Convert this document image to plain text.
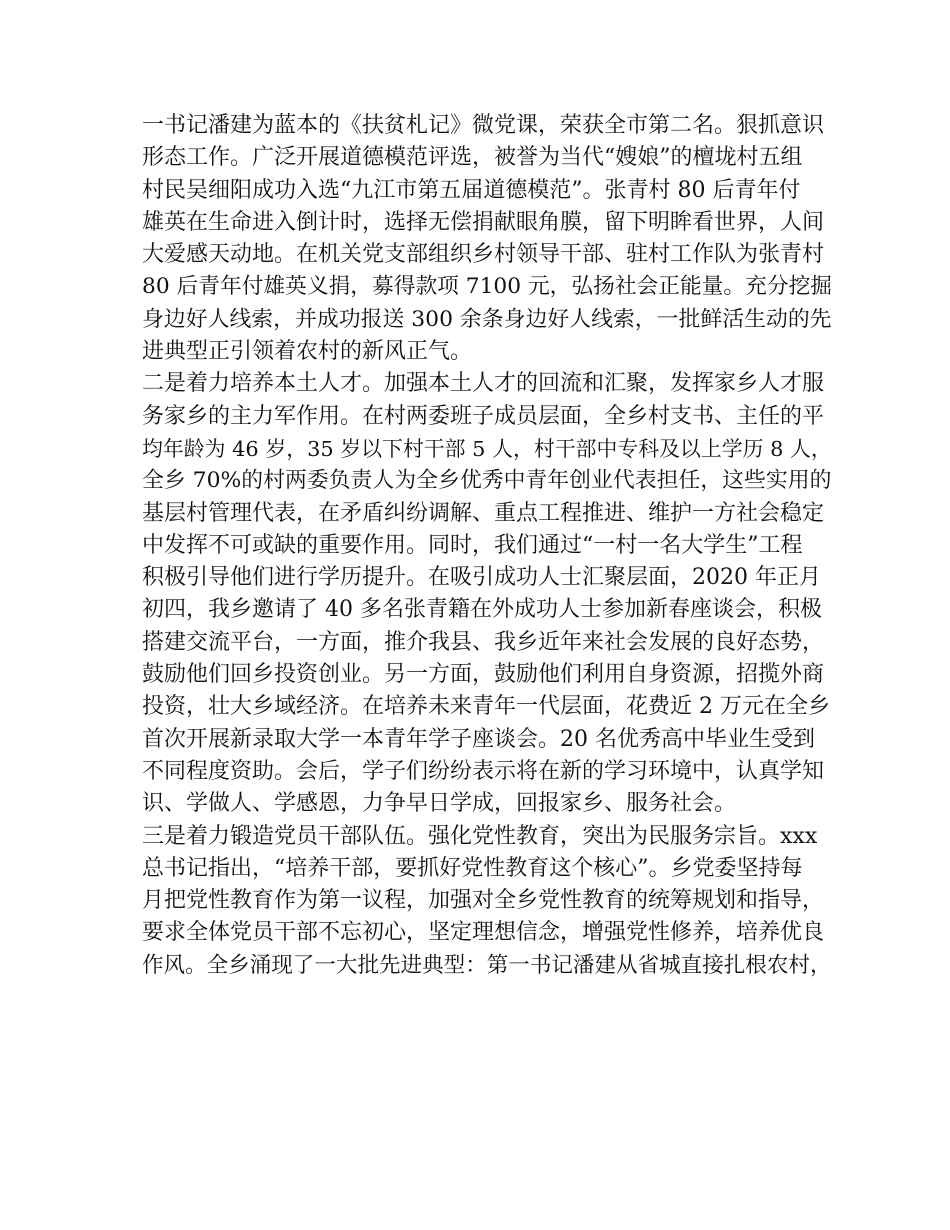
一书记潘建为蓝本的《扶贫札记》微党课，荣获全市第二名。狠抓意识
形态工作。广泛开展道德模范评选，被誉为当代“嫂娘”的檀垅村五组
村民吴细阳成功入选“九江市第五届道德模范”。张青村 80 后青年付
雄英在生命进入倒计时，选择无偿捐献眼角膜，留下明眸看世界，人间
大爱感天动地。在机关党支部组织乡村领导干部、驻村工作队为张青村
80 后青年付雄英义捐，募得款项 7100 元，弘扬社会正能量。充分挖掘
身边好人线索，并成功报送 300 余条身边好人线索，一批鲜活生动的先
进典型正引领着农村的新风正气。
二是着力培养本土人才。加强本土人才的回流和汇聚，发挥家乡人才服
务家乡的主力军作用。在村两委班子成员层面，全乡村支书、主任的平
均年龄为 46 岁，35 岁以下村干部 5 人，村干部中专科及以上学历 8 人，
全乡 70%的村两委负责人为全乡优秀中青年创业代表担任，这些实用的
基层村管理代表，在矛盾纠纷调解、重点工程推进、维护一方社会稳定
中发挥不可或缺的重要作用。同时，我们通过“一村一名大学生”工程
积极引导他们进行学历提升。在吸引成功人士汇聚层面，2020 年正月
初四，我乡邀请了 40 多名张青籍在外成功人士参加新春座谈会，积极
搭建交流平台，一方面，推介我县、我乡近年来社会发展的良好态势，
鼓励他们回乡投资创业。另一方面，鼓励他们利用自身资源，招揽外商
投资，壮大乡域经济。在培养未来青年一代层面，花费近 2 万元在全乡
首次开展新录取大学一本青年学子座谈会。20 名优秀高中毕业生受到
不同程度资助。会后，学子们纷纷表示将在新的学习环境中，认真学知
识、学做人、学感恩，力争早日学成，回报家乡、服务社会。
三是着力锻造党员干部队伍。强化党性教育，突出为民服务宗旨。xxx
总书记指出，“培养干部，要抓好党性教育这个核心”。乡党委坚持每
月把党性教育作为第一议程，加强对全乡党性教育的统筹规划和指导，
要求全体党员干部不忘初心，坚定理想信念，增强党性修养，培养优良
作风。全乡涌现了一大批先进典型：第一书记潘建从省城直接扎根农村，
